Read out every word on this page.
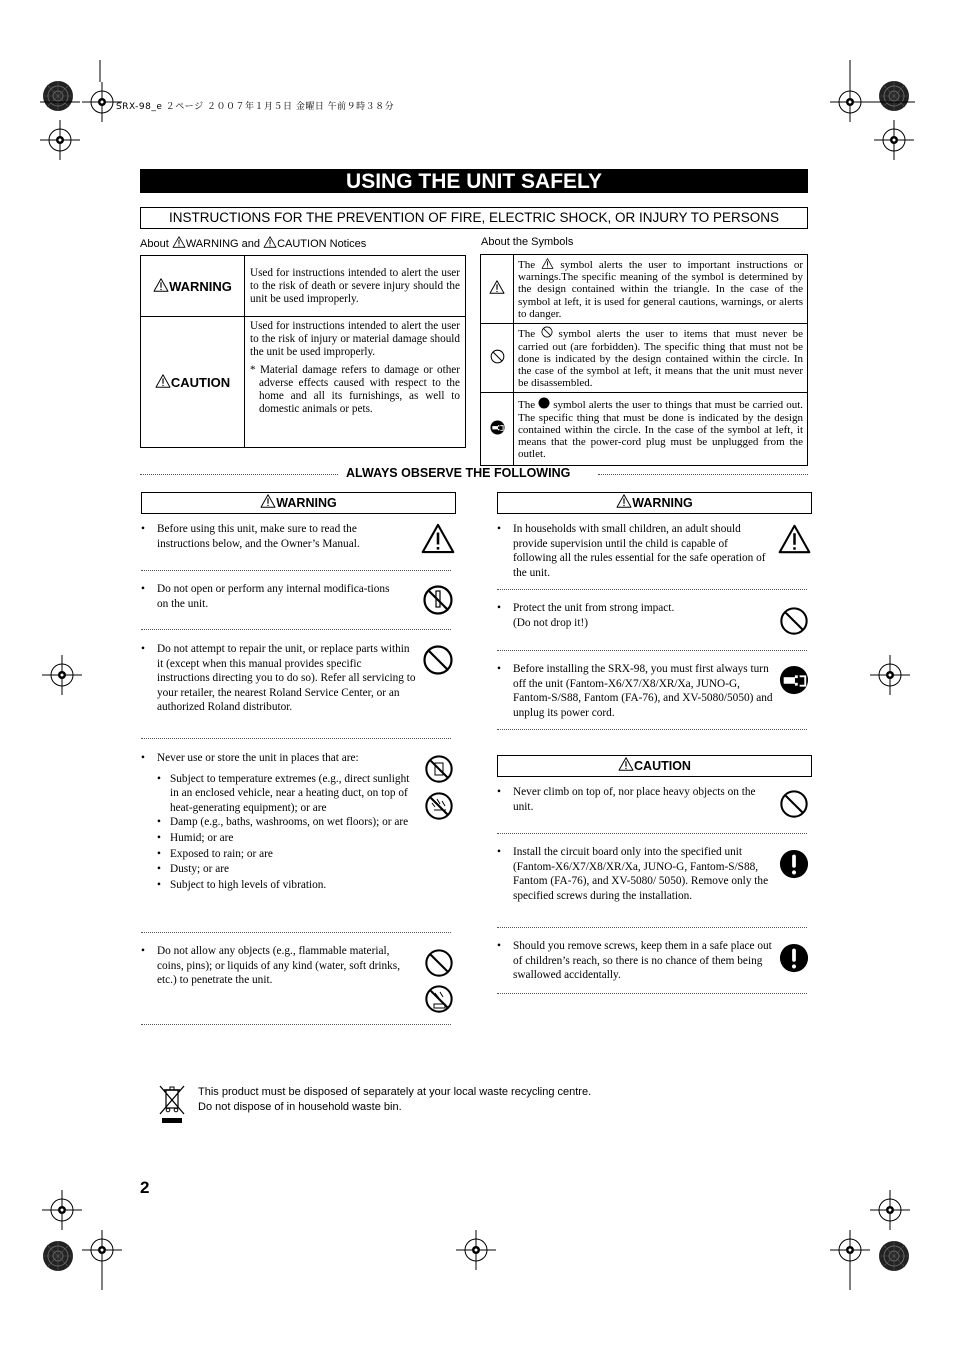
SRX-98_e ２ページ ２００７年１月５日 金曜日 午前９時３８分
USING THE UNIT SAFELY
INSTRUCTIONS FOR THE PREVENTION OF FIRE, ELECTRIC SHOCK, OR INJURY TO PERSONS
About WARNING and CAUTION Notices
WARNING	Used for instructions intended to alert the user to the risk of death or severe injury should the unit be used improperly.
CAUTION	Used for instructions intended to alert the user to the risk of injury or material damage should the unit be used improperly.
* Material damage refers to damage or other adverse effects caused with respect to the home and all its furnishings, as well to domestic animals or pets.
About the Symbols
	The symbol alerts the user to important instructions or warnings.The specific meaning of the symbol is determined by the design contained within the triangle. In the case of the symbol at left, it is used for general cautions, warnings, or alerts to danger.
	The symbol alerts the user to items that must never be carried out (are forbidden). The specific thing that must not be done is indicated by the design contained within the circle. In the case of the symbol at left, it means that the unit must never be disassembled.
	The symbol alerts the user to things that must be carried out. The specific thing that must be done is indicated by the design contained within the circle. In the case of the symbol at left, it means that the power-cord plug must be unplugged from the outlet.
ALWAYS OBSERVE THE FOLLOWING
WARNING
• Before using this unit, make sure to read the instructions below, and the Owner’s Manual.
• Do not open or perform any internal modifica-tions on the unit.
• Do not attempt to repair the unit, or replace parts within it (except when this manual provides specific instructions directing you to do so). Refer all servicing to your retailer, the nearest Roland Service Center, or an authorized Roland distributor.
• Never use or store the unit in places that are:
• Subject to temperature extremes (e.g., direct sunlight in an enclosed vehicle, near a heating duct, on top of heat-generating equipment); or are
• Damp (e.g., baths, washrooms, on wet floors); or are
• Humid; or are
• Exposed to rain; or are
• Dusty; or are
• Subject to high levels of vibration.
• Do not allow any objects (e.g., flammable material, coins, pins); or liquids of any kind (water, soft drinks, etc.) to penetrate the unit.
WARNING
• In households with small children, an adult should provide supervision until the child is capable of following all the rules essential for the safe operation of the unit.
• Protect the unit from strong impact.
(Do not drop it!)
• Before installing the SRX-98, you must first always turn off the unit (Fantom-X6/X7/X8/XR/Xa, JUNO-G, Fantom-S/S88, Fantom (FA-76), and XV-5080/5050) and unplug its power cord.
CAUTION
• Never climb on top of, nor place heavy objects on the unit.
• Install the circuit board only into the specified unit (Fantom-X6/X7/X8/XR/Xa, JUNO-G, Fantom-S/S88, Fantom (FA-76), and XV-5080/ 5050). Remove only the specified screws during the installation.
• Should you remove screws, keep them in a safe place out of children’s reach, so there is no chance of them being swallowed accidentally.
This product must be disposed of separately at your local waste recycling centre.
Do not dispose of in household waste bin.
2
